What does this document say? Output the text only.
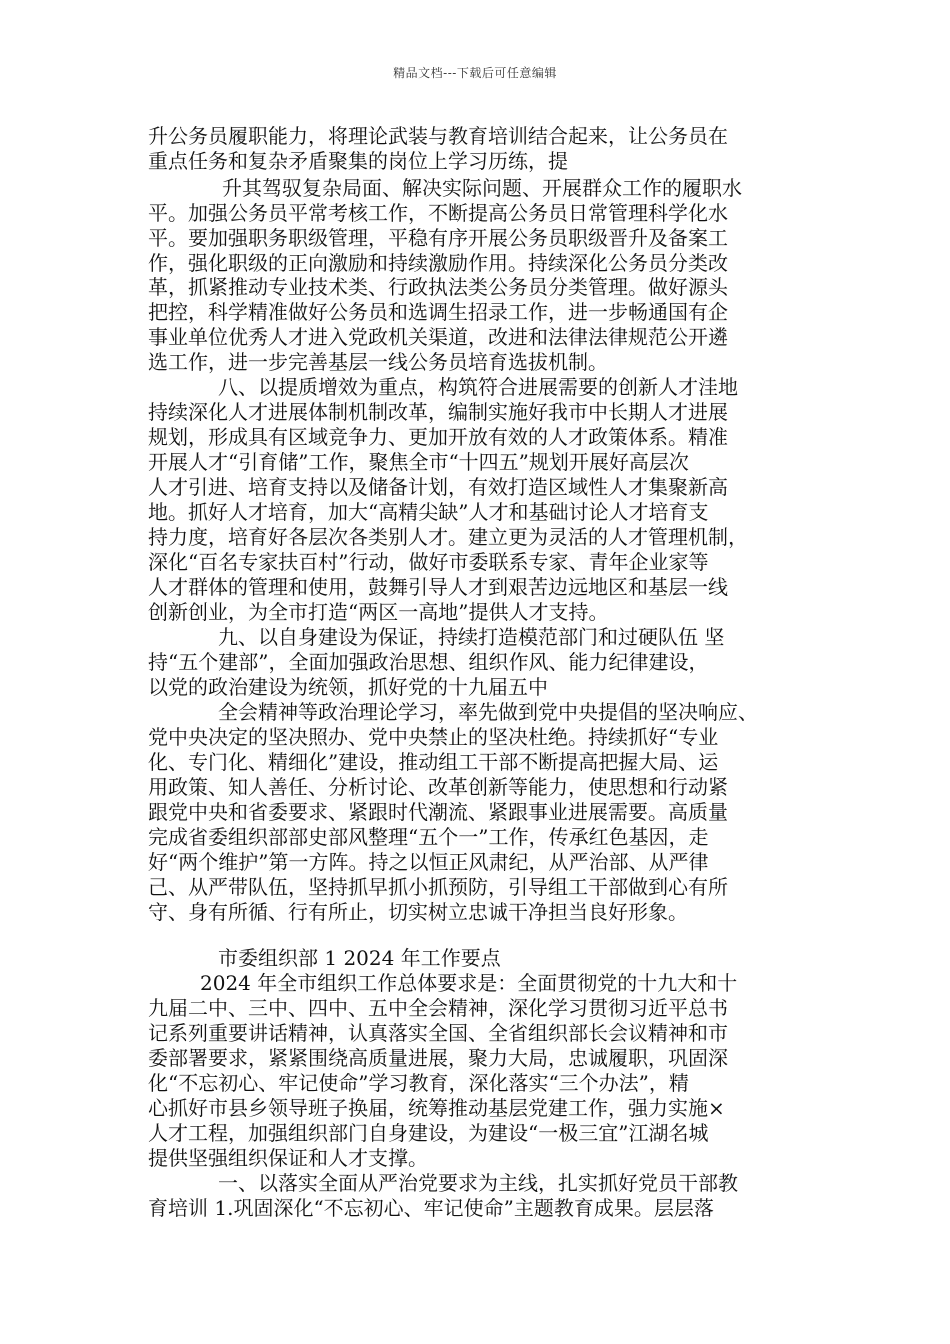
精品文档---下载后可任意编辑
升公务员履职能力，将理论武装与教育培训结合起来，让公务员在
重点任务和复杂矛盾聚集的岗位上学习历练，提
升其驾驭复杂局面、解决实际问题、开展群众工作的履职水
平。加强公务员平常考核工作，不断提高公务员日常管理科学化水
平。要加强职务职级管理，平稳有序开展公务员职级晋升及备案工
作，强化职级的正向激励和持续激励作用。持续深化公务员分类改
革，抓紧推动专业技术类、行政执法类公务员分类管理。做好源头
把控，科学精准做好公务员和选调生招录工作，进一步畅通国有企
事业单位优秀人才进入党政机关渠道，改进和法律法律规范公开遴
选工作，进一步完善基层一线公务员培育选拔机制。
八、以提质增效为重点，构筑符合进展需要的创新人才洼地
持续深化人才进展体制机制改革，编制实施好我市中长期人才进展
规划，形成具有区域竞争力、更加开放有效的人才政策体系。精准
开展人才“引育储”工作，聚焦全市“十四五”规划开展好高层次
人才引进、培育支持以及储备计划，有效打造区域性人才集聚新高
地。抓好人才培育，加大“高精尖缺”人才和基础讨论人才培育支
持力度，培育好各层次各类别人才。建立更为灵活的人才管理机制，
深化“百名专家扶百村”行动，做好市委联系专家、青年企业家等
人才群体的管理和使用，鼓舞引导人才到艰苦边远地区和基层一线
创新创业，为全市打造“两区一高地”提供人才支持。
九、以自身建设为保证，持续打造模范部门和过硬队伍 坚
持“五个建部”，全面加强政治思想、组织作风、能力纪律建设，
以党的政治建设为统领，抓好党的十九届五中
全会精神等政治理论学习，率先做到党中央提倡的坚决响应、
党中央决定的坚决照办、党中央禁止的坚决杜绝。持续抓好“专业
化、专门化、精细化”建设，推动组工干部不断提高把握大局、运
用政策、知人善任、分析讨论、改革创新等能力，使思想和行动紧
跟党中央和省委要求、紧跟时代潮流、紧跟事业进展需要。高质量
完成省委组织部部史部风整理“五个一”工作，传承红色基因，走
好“两个维护”第一方阵。持之以恒正风肃纪，从严治部、从严律
己、从严带队伍，坚持抓早抓小抓预防，引导组工干部做到心有所
守、身有所循、行有所止，切实树立忠诚干净担当良好形象。
市委组织部 1 2024 年工作要点
2024 年全市组织工作总体要求是：全面贯彻党的十九大和十
九届二中、三中、四中、五中全会精神，深化学习贯彻习近平总书
记系列重要讲话精神，认真落实全国、全省组织部长会议精神和市
委部署要求，紧紧围绕高质量进展，聚力大局，忠诚履职，巩固深
化“不忘初心、牢记使命”学习教育，深化落实“三个办法”，精
心抓好市县乡领导班子换届，统筹推动基层党建工作，强力实施×
人才工程，加强组织部门自身建设，为建设“一极三宜”江湖名城
提供坚强组织保证和人才支撑。
一、以落实全面从严治党要求为主线，扎实抓好党员干部教
育培训 1.巩固深化“不忘初心、牢记使命”主题教育成果。层层落
